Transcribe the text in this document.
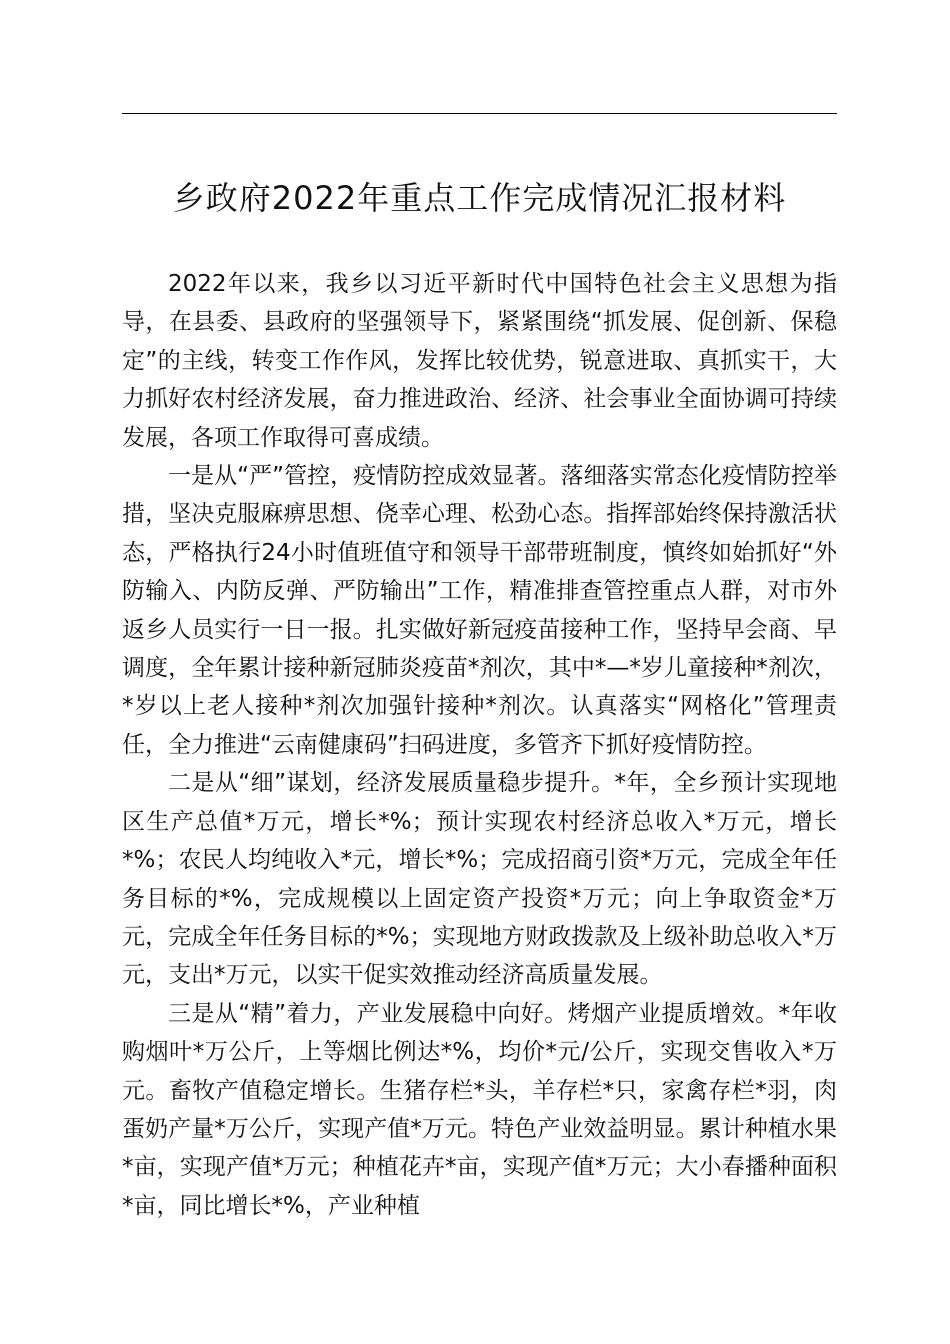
乡政府2022年重点工作完成情况汇报材料

2022年以来，我乡以习近平新时代中国特色社会主义思想为指导，在县委、县政府的坚强领导下，紧紧围绕“抓发展、促创新、保稳定”的主线，转变工作作风，发挥比较优势，锐意进取、真抓实干，大力抓好农村经济发展，奋力推进政治、经济、社会事业全面协调可持续发展，各项工作取得可喜成绩。

一是从“严”管控，疫情防控成效显著。落细落实常态化疫情防控举措，坚决克服麻痹思想、侥幸心理、松劲心态。指挥部始终保持激活状态，严格执行24小时值班值守和领导干部带班制度，慎终如始抓好“外防输入、内防反弹、严防输出”工作，精准排查管控重点人群，对市外返乡人员实行一日一报。扎实做好新冠疫苗接种工作，坚持早会商、早调度，全年累计接种新冠肺炎疫苗*剂次，其中*—*岁儿童接种*剂次，*岁以上老人接种*剂次加强针接种*剂次。认真落实“网格化”管理责任，全力推进“云南健康码”扫码进度，多管齐下抓好疫情防控。

二是从“细”谋划，经济发展质量稳步提升。*年，全乡预计实现地区生产总值*万元，增长*%；预计实现农村经济总收入*万元，增长*%；农民人均纯收入*元，增长*%；完成招商引资*万元，完成全年任务目标的*%，完成规模以上固定资产投资*万元；向上争取资金*万元，完成全年任务目标的*%；实现地方财政拨款及上级补助总收入*万元，支出*万元，以实干促实效推动经济高质量发展。

三是从“精”着力，产业发展稳中向好。烤烟产业提质增效。*年收购烟叶*万公斤，上等烟比例达*%，均价*元/公斤，实现交售收入*万元。畜牧产值稳定增长。生猪存栏*头，羊存栏*只，家禽存栏*羽，肉蛋奶产量*万公斤，实现产值*万元。特色产业效益明显。累计种植水果*亩，实现产值*万元；种植花卉*亩，实现产值*万元；大小春播种面积*亩，同比增长*%，产业种植
